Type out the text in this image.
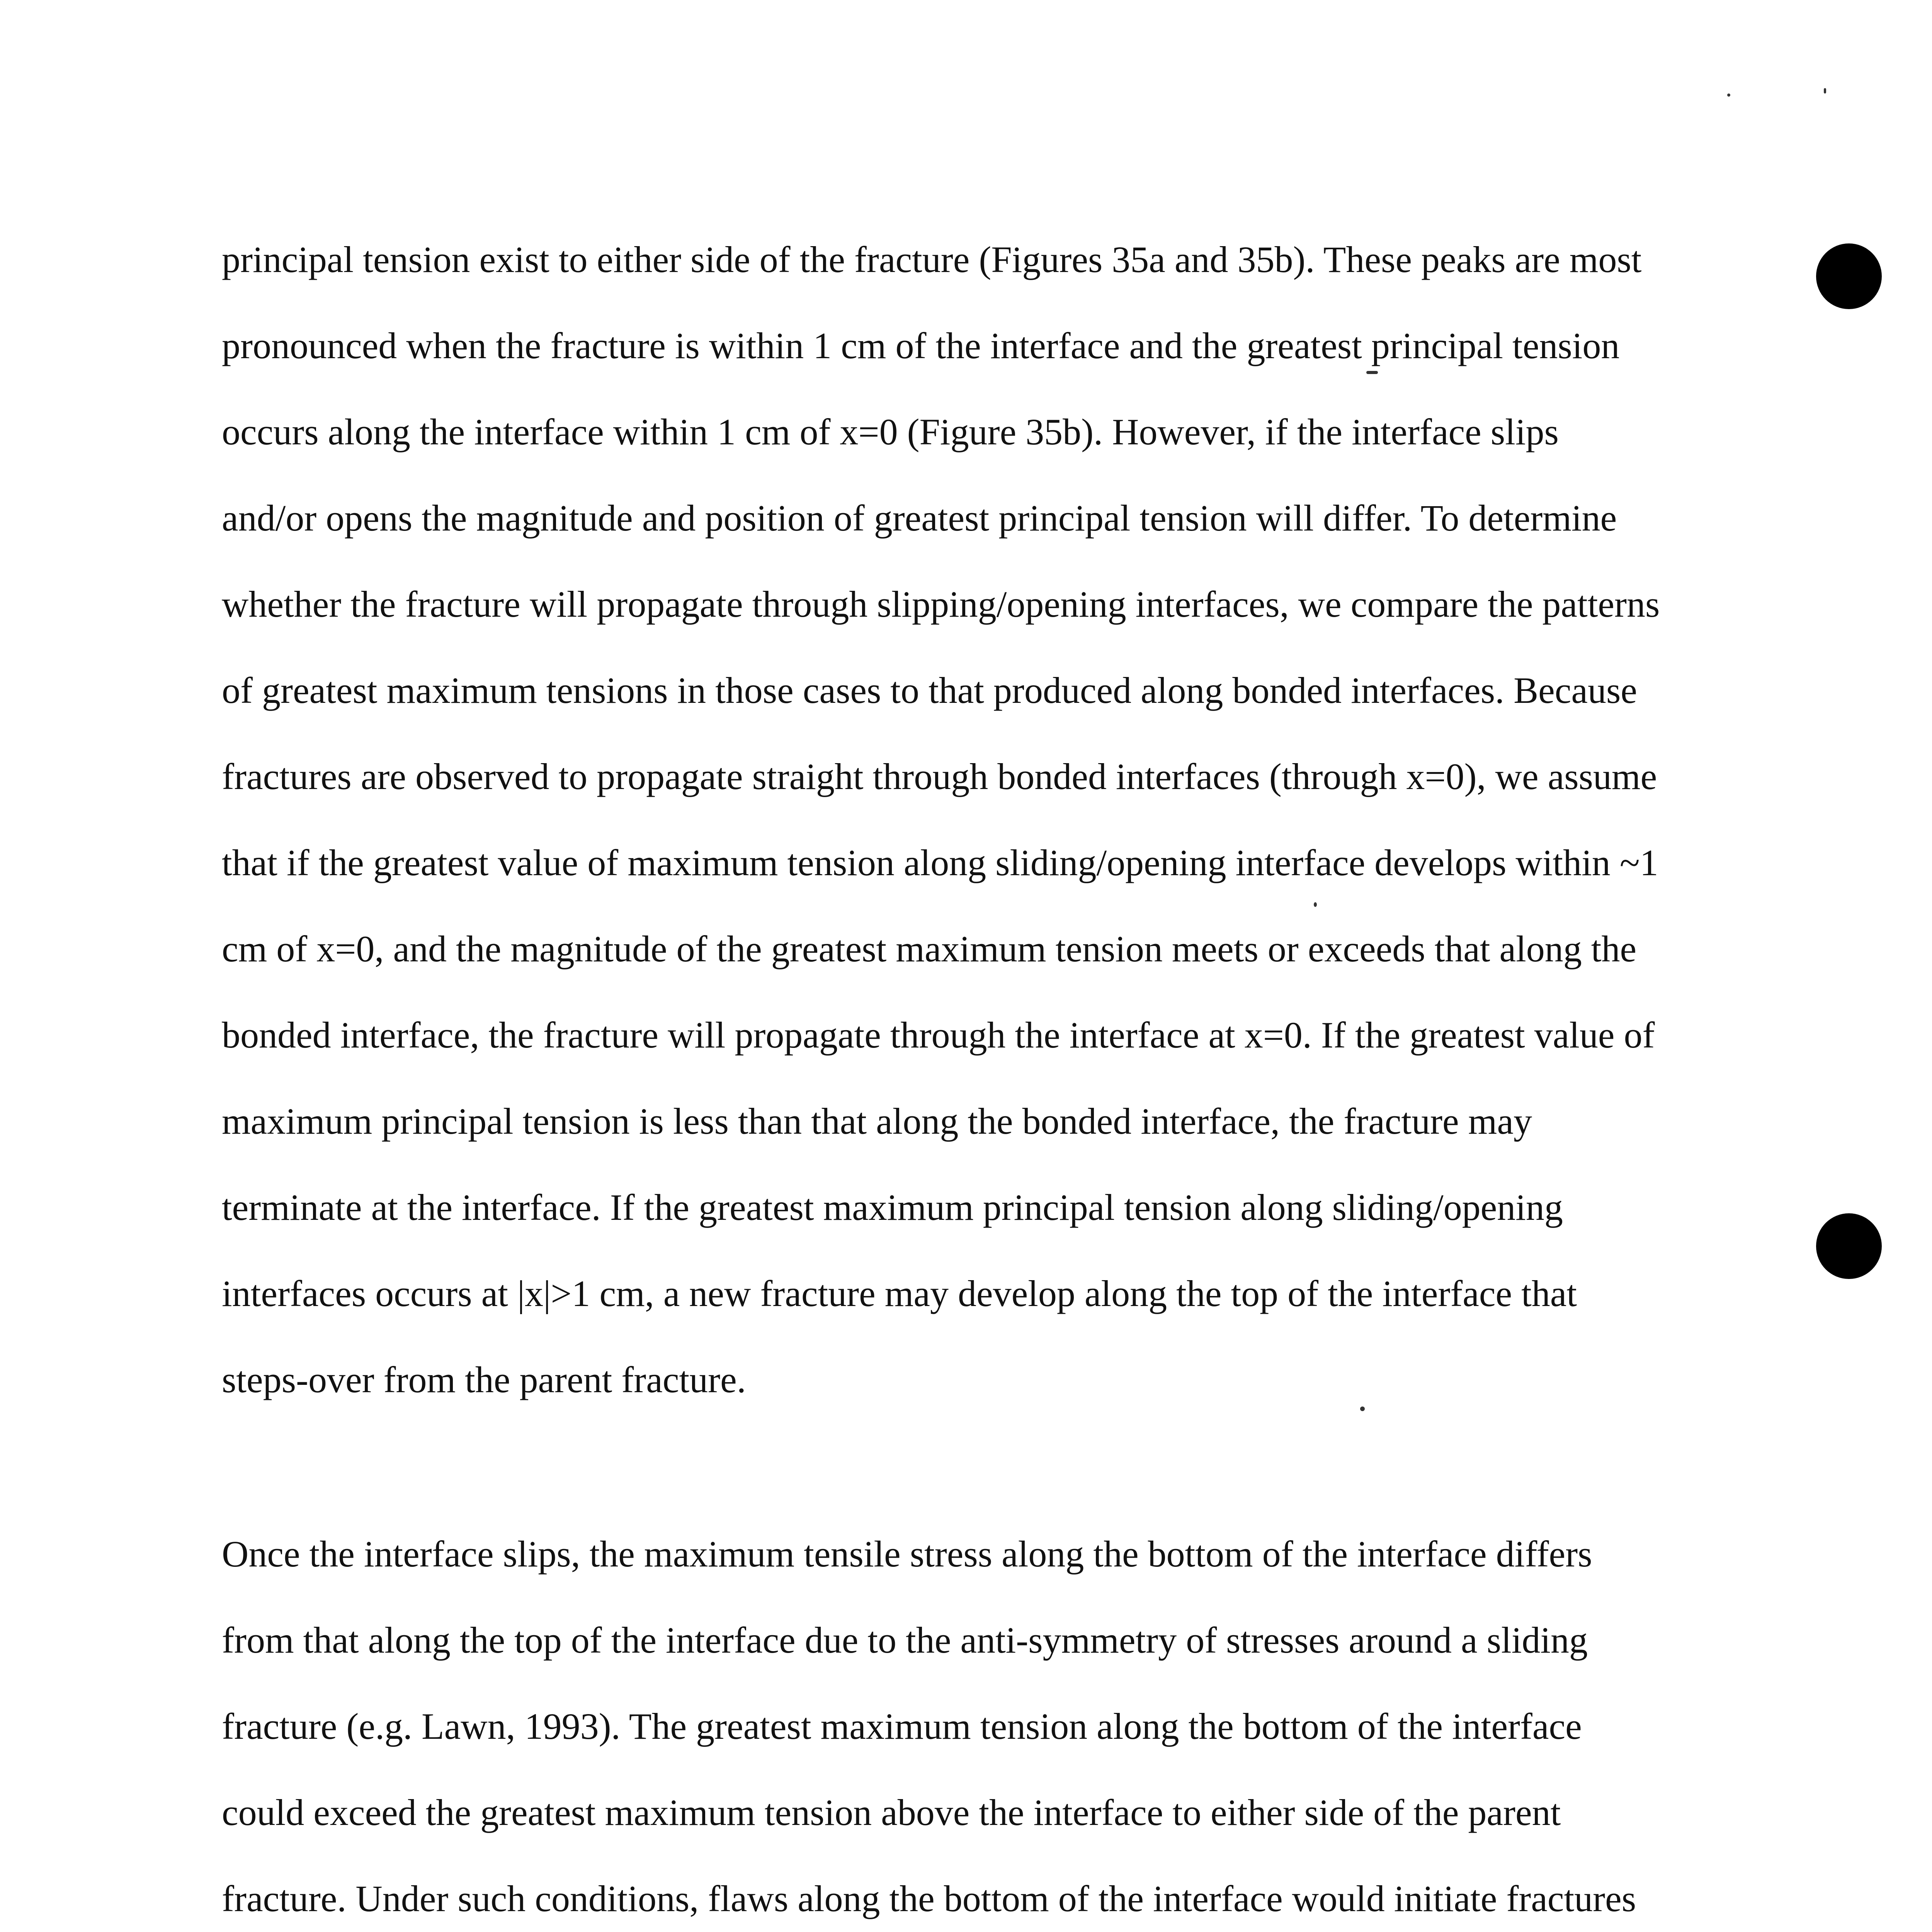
principal tension exist to either side of the fracture (Figures 35a and 35b). These peaks are most
pronounced when the fracture is within 1 cm of the interface and the greatest principal tension
occurs along the interface within 1 cm of x=0 (Figure 35b). However, if the interface slips
and/or opens the magnitude and position of greatest principal tension will differ. To determine
whether the fracture will propagate through slipping/opening interfaces, we compare the patterns
of greatest maximum tensions in those cases to that produced along bonded interfaces. Because
fractures are observed to propagate straight through bonded interfaces (through x=0), we assume
that if the greatest value of maximum tension along sliding/opening interface develops within ~1
cm of x=0, and the magnitude of the greatest maximum tension meets or exceeds that along the
bonded interface, the fracture will propagate through the interface at x=0. If the greatest value of
maximum principal tension is less than that along the bonded interface, the fracture may
terminate at the interface. If the greatest maximum principal tension along sliding/opening
interfaces occurs at |x|>1 cm, a new fracture may develop along the top of the interface that
steps-over from the parent fracture.
Once the interface slips, the maximum tensile stress along the bottom of the interface differs
from that along the top of the interface due to the anti-symmetry of stresses around a sliding
fracture (e.g. Lawn, 1993). The greatest maximum tension along the bottom of the interface
could exceed the greatest maximum tension above the interface to either side of the parent
fracture. Under such conditions, flaws along the bottom of the interface would initiate fractures
